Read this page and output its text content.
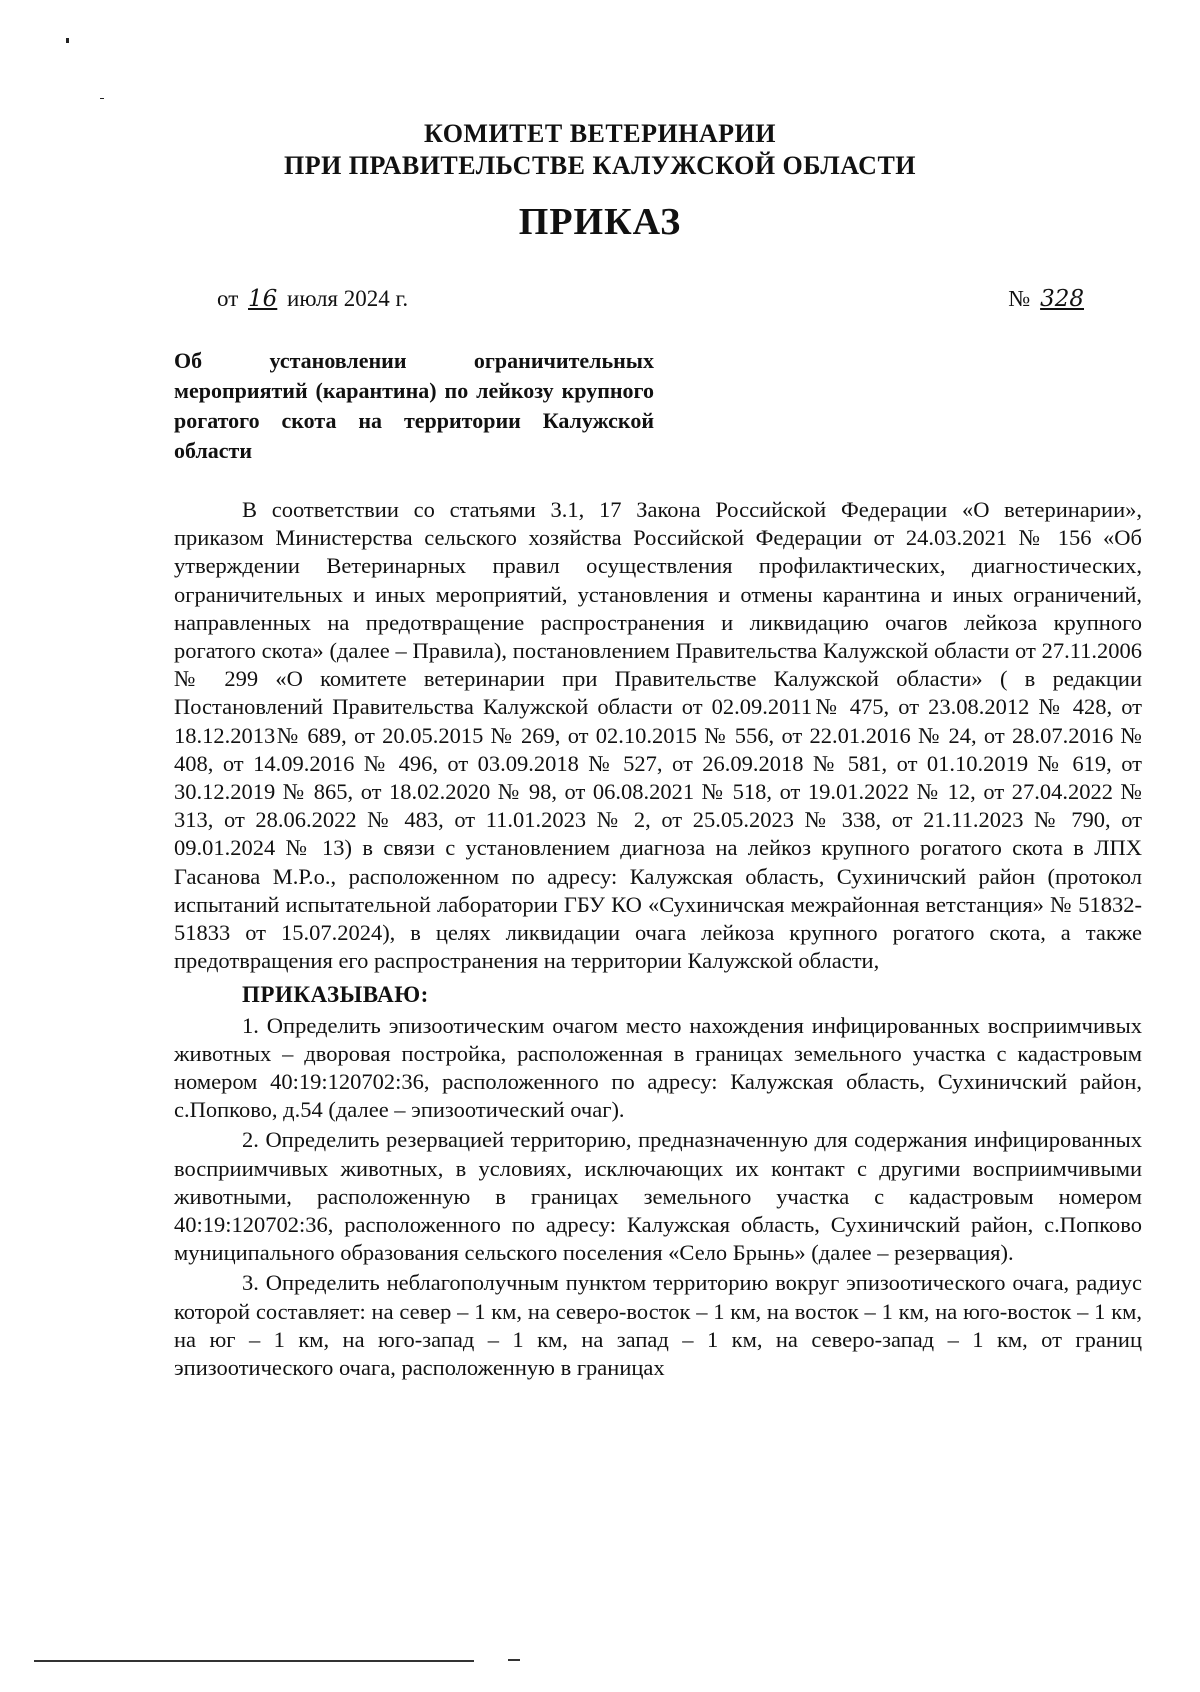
КОМИТЕТ ВЕТЕРИНАРИИ
ПРИ ПРАВИТЕЛЬСТВЕ КАЛУЖСКОЙ ОБЛАСТИ
ПРИКАЗ
от 16 июля 2024 г.	№ 328
Об установлении ограничительных мероприятий (карантина) по лейкозу крупного рогатого скота на территории Калужской области

В соответствии со статьями 3.1, 17 Закона Российской Федерации «О ветеринарии», приказом Министерства сельского хозяйства Российской Федерации от 24.03.2021 № 156 «Об утверждении Ветеринарных правил осуществления профилактических, диагностических, ограничительных и иных мероприятий, установления и отмены карантина и иных ограничений, направленных на предотвращение распространения и ликвидацию очагов лейкоза крупного рогатого скота» (далее – Правила), постановлением Правительства Калужской области от 27.11.2006 № 299 «О комитете ветеринарии при Правительстве Калужской области» ( в редакции Постановлений Правительства Калужской области от 02.09.2011№ 475, от 23.08.2012 № 428, от 18.12.2013№ 689, от 20.05.2015 № 269, от 02.10.2015 № 556, от 22.01.2016 № 24, от 28.07.2016 № 408, от 14.09.2016 № 496, от 03.09.2018 № 527, от 26.09.2018 № 581, от 01.10.2019 № 619, от 30.12.2019 № 865, от 18.02.2020 № 98, от 06.08.2021 № 518, от 19.01.2022 № 12, от 27.04.2022 № 313, от 28.06.2022 № 483, от 11.01.2023 № 2, от 25.05.2023 № 338, от 21.11.2023 № 790, от 09.01.2024 № 13) в связи с установлением диагноза на лейкоз крупного рогатого скота в ЛПХ Гасанова М.Р.о., расположенном по адресу: Калужская область, Сухиничский район (протокол испытаний испытательной лаборатории ГБУ КО «Сухиничская межрайонная ветстанция» № 51832-51833 от 15.07.2024), в целях ликвидации очага лейкоза крупного рогатого скота, а также предотвращения его распространения на территории Калужской области,

ПРИКАЗЫВАЮ:

1. Определить эпизоотическим очагом место нахождения инфицированных восприимчивых животных – дворовая постройка, расположенная в границах земельного участка с кадастровым номером 40:19:120702:36, расположенного по адресу: Калужская область, Сухиничский район, с.Попково, д.54 (далее – эпизоотический очаг).

2. Определить резервацией территорию, предназначенную для содержания инфицированных восприимчивых животных, в условиях, исключающих их контакт с другими восприимчивыми животными, расположенную в границах земельного участка с кадастровым номером 40:19:120702:36, расположенного по адресу: Калужская область, Сухиничский район, с.Попково муниципального образования сельского поселения «Село Брынь» (далее – резервация).

3. Определить неблагополучным пунктом территорию вокруг эпизоотического очага, радиус которой составляет: на север – 1 км, на северо-восток – 1 км, на восток – 1 км, на юго-восток – 1 км, на юг – 1 км, на юго-запад – 1 км, на запад – 1 км, на северо-запад – 1 км, от границ эпизоотического очага, расположенную в границах
